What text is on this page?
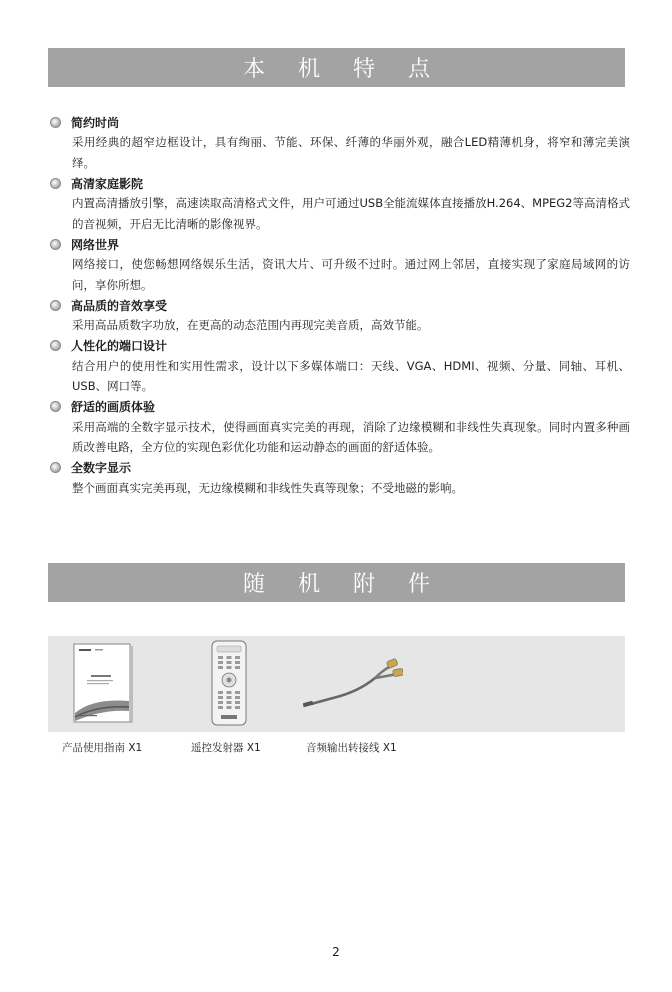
本 机 特 点
简约时尚
采用经典的超窄边框设计，具有绚丽、节能、环保、纤薄的华丽外观，融合LED精薄机身，将窄和薄完美演绎。
高清家庭影院
内置高清播放引擎，高速读取高清格式文件，用户可通过USB全能流媒体直接播放H.264、MPEG2等高清格式的音视频，开启无比清晰的影像视界。
网络世界
网络接口，使您畅想网络娱乐生活，资讯大片、可升级不过时。通过网上邻居，直接实现了家庭局域网的访问，享你所想。
高品质的音效享受
采用高品质数字功放，在更高的动态范围内再现完美音质，高效节能。
人性化的端口设计
结合用户的使用性和实用性需求，设计以下多媒体端口：天线、VGA、HDMI、视频、分量、同轴、耳机、USB、网口等。
舒适的画质体验
采用高端的全数字显示技术，使得画面真实完美的再现，消除了边缘模糊和非线性失真现象。同时内置多种画质改善电路，全方位的实现色彩优化功能和运动静态的画面的舒适体验。
全数字显示
整个画面真实完美再现，无边缘模糊和非线性失真等现象；不受地磁的影响。
随 机 附 件
产品使用指南 X1	遥控发射器 X1	音频输出转接线 X1
2
